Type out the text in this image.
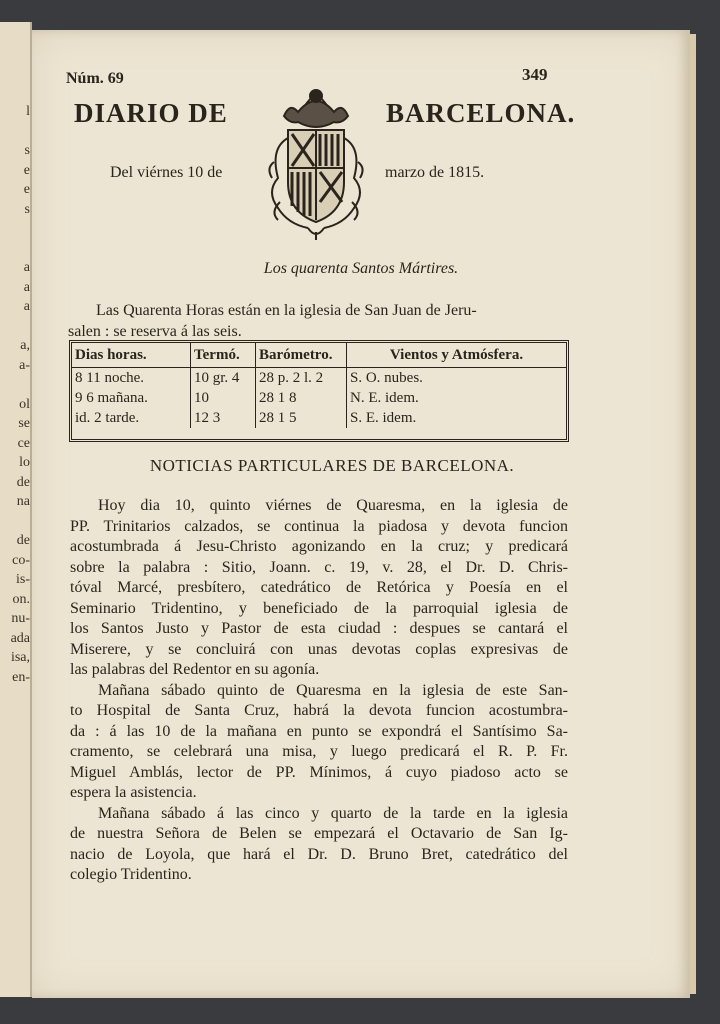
l
s
e
e
s
a
a
a
a,
a-
ol
se
ce
lo
de
na
de
co-
is-
on.
nu-
ada
isa,
en-
Núm. 69	349
DIARIO DE	BARCELONA.
Del viérnes 10 de	marzo de 1815.
Los quarenta Santos Mártires.
Las Quarenta Horas están en la iglesia de San Juan de Jeru-
salen : se reserva á las seis.
Dias horas.	Termó.	Barómetro.	Vientos y Atmósfera.
8 11 noche.	10 gr. 4	28 p. 2 l. 2	S. O. nubes.
9 6 mañana.	10	28 1 8	N. E. idem.
id. 2 tarde.	12 3	28 1 5	S. E. idem.
NOTICIAS PARTICULARES DE BARCELONA.
Hoy dia 10, quinto viérnes de Quaresma, en la iglesia de
PP. Trinitarios calzados, se continua la piadosa y devota funcion
acostumbrada á Jesu-Christo agonizando en la cruz; y predicará
sobre la palabra : Sitio, Joann. c. 19, v. 28, el Dr. D. Chris-
tóval Marcé, presbítero, catedrático de Retórica y Poesía en el
Seminario Tridentino, y beneficiado de la parroquial iglesia de
los Santos Justo y Pastor de esta ciudad : despues se cantará el
Miserere, y se concluirá con unas devotas coplas expresivas de
las palabras del Redentor en su agonía.
Mañana sábado quinto de Quaresma en la iglesia de este San-
to Hospital de Santa Cruz, habrá la devota funcion acostumbra-
da : á las 10 de la mañana en punto se expondrá el Santísimo Sa-
cramento, se celebrará una misa, y luego predicará el R. P. Fr.
Miguel Amblás, lector de PP. Mínimos, á cuyo piadoso acto se
espera la asistencia.
Mañana sábado á las cinco y quarto de la tarde en la iglesia
de nuestra Señora de Belen se empezará el Octavario de San Ig-
nacio de Loyola, que hará el Dr. D. Bruno Bret, catedrático del
colegio Tridentino.
